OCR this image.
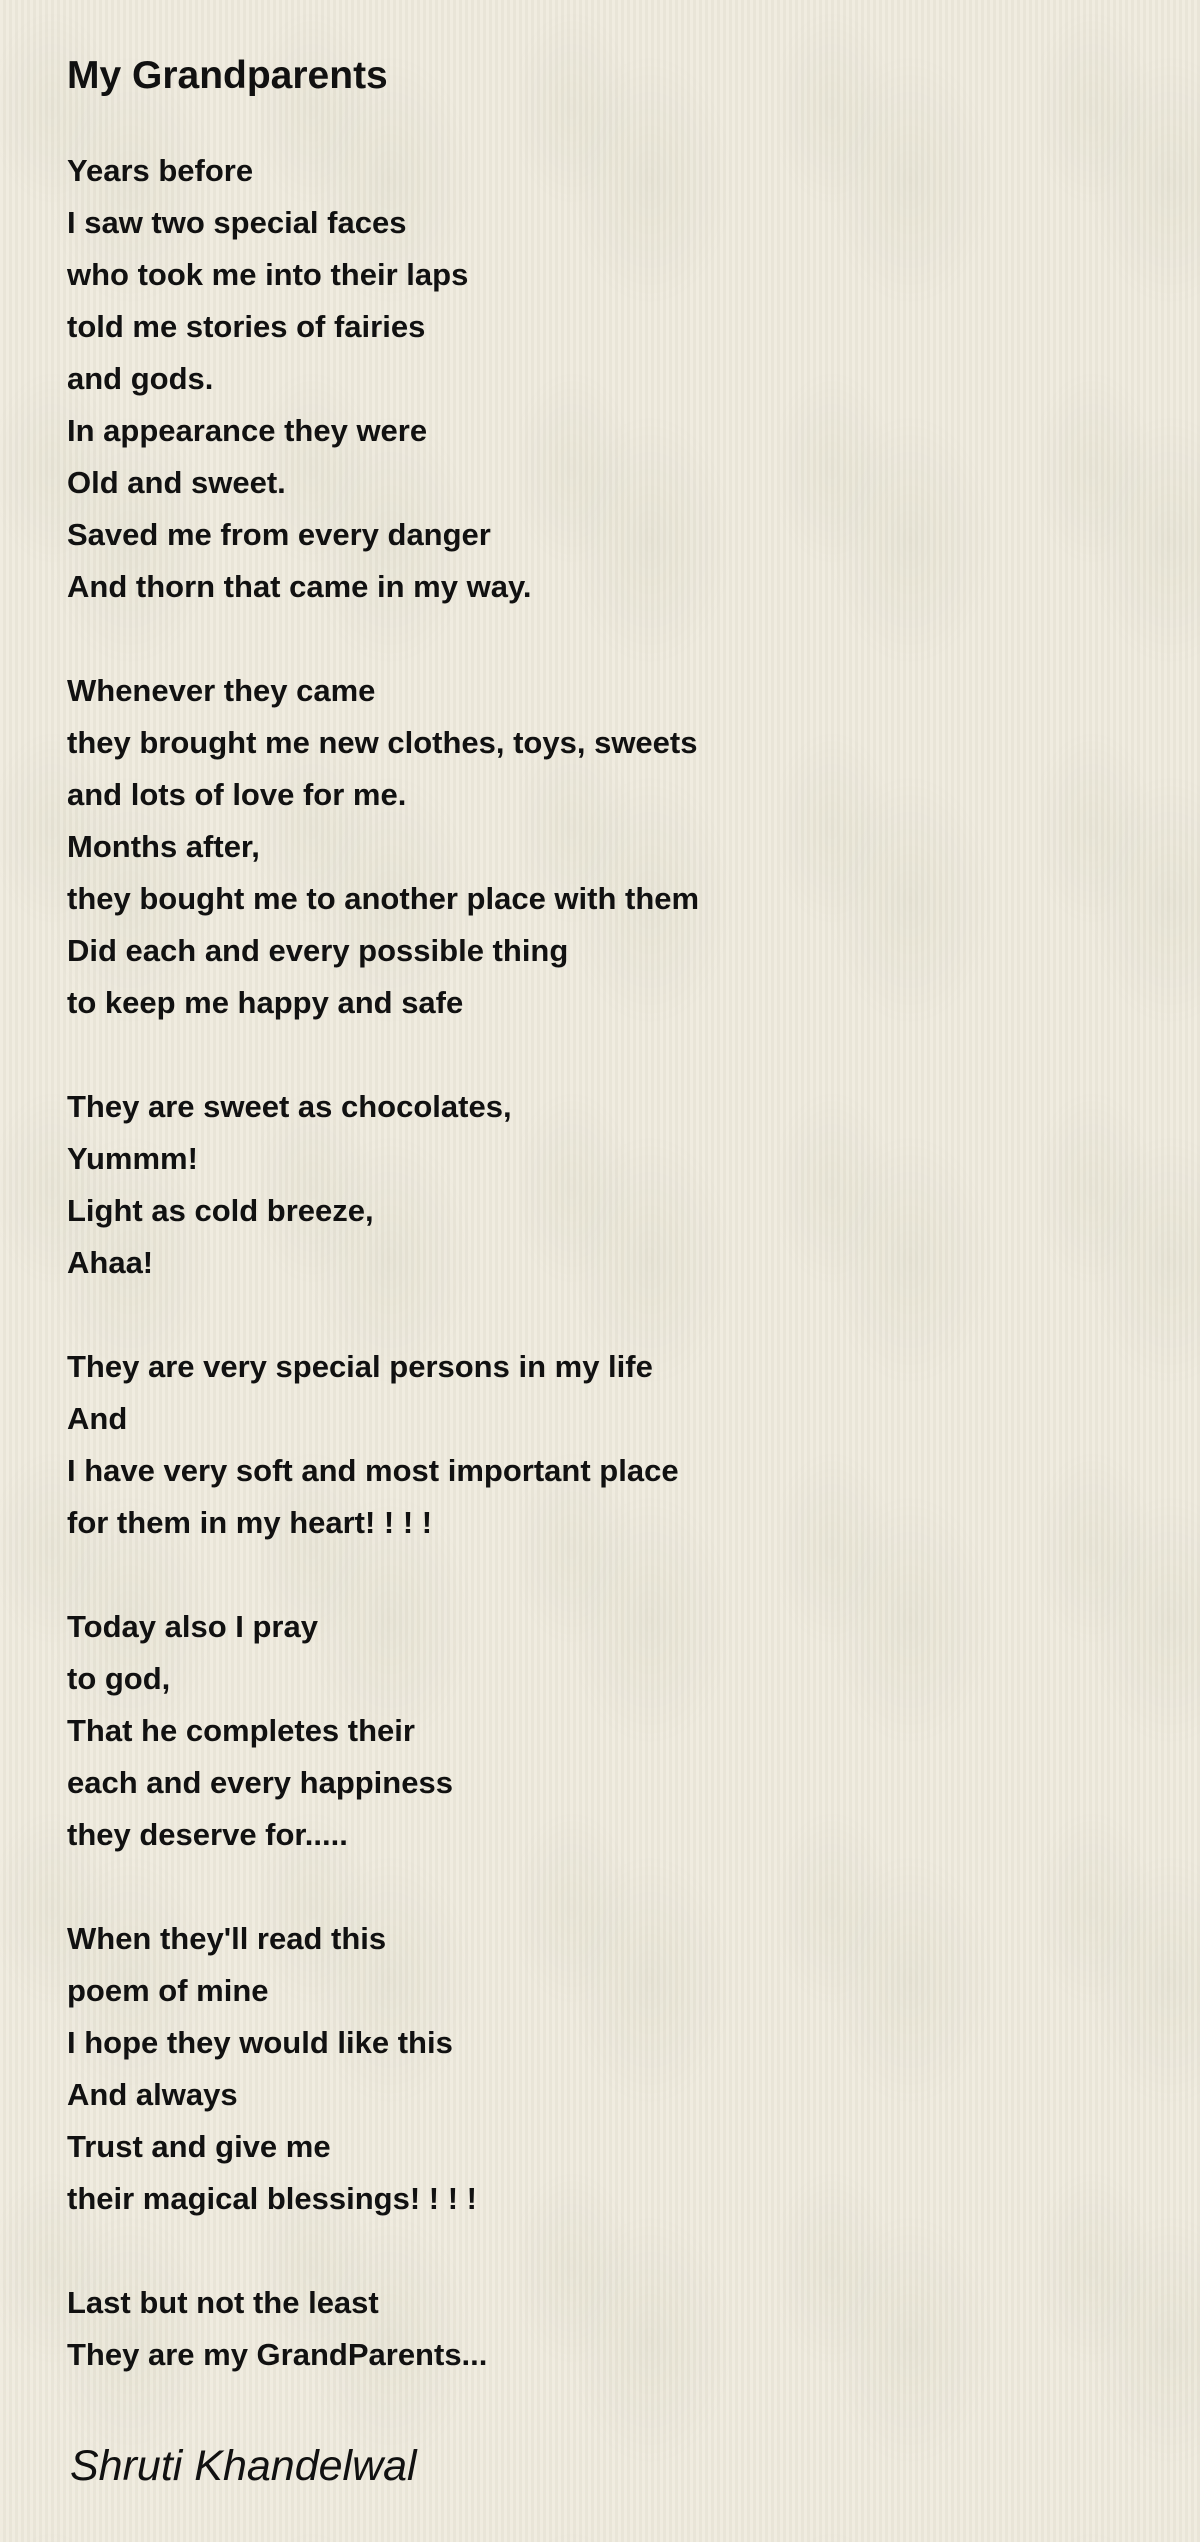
My Grandparents
Years before
I saw two special faces
who took me into their laps
told me stories of fairies
and gods.
In appearance they were
Old and sweet.
Saved me from every danger
And thorn that came in my way.
Whenever they came
they brought me new clothes, toys, sweets
and lots of love for me.
Months after,
they bought me to another place with them
Did each and every possible thing
to keep me happy and safe
They are sweet as chocolates,
Yummm!
Light as cold breeze,
Ahaa!
They are very special persons in my life
And
I have very soft and most important place
for them in my heart! ! ! !
Today also I pray
to god,
That he completes their
each and every happiness
they deserve for.....
When they'll read this
poem of mine
I hope they would like this
And always
Trust and give me
their magical blessings! ! ! !
Last but not the least
They are my GrandParents...
Shruti Khandelwal
